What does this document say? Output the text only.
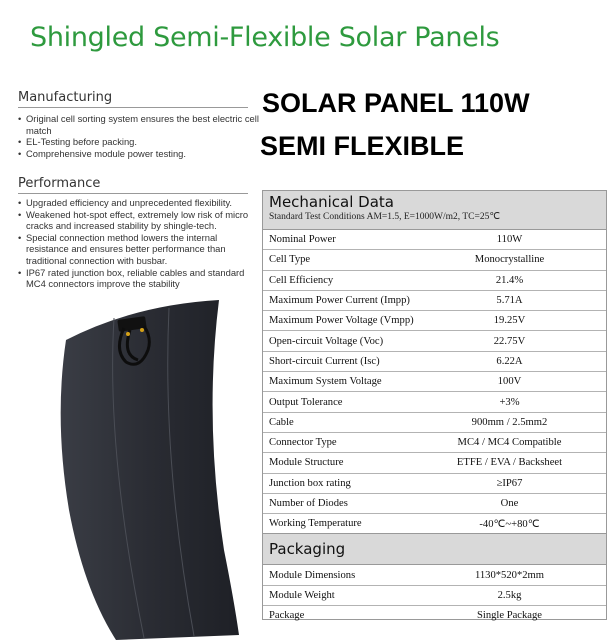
Shingled Semi-Flexible Solar Panels
SOLAR PANEL 110W
SEMI FLEXIBLE
Manufacturing
• Original cell sorting system ensures the best electric cell match
• EL-Testing before packing.
• Comprehensive module power testing.
Performance
• Upgraded efficiency and unprecedented flexibility.
• Weakened hot-spot effect, extremely low risk of micro cracks and increased stability by shingle-tech.
• Special connection method lowers the internal resistance and ensures better performance than traditional connection with busbar.
• IP67 rated junction box, reliable cables and standard MC4 connectors improve the stability
Mechanical Data
Standard Test Conditions AM=1.5, E=1000W/m2, TC=25℃
Nominal Power	110W
Cell Type	Monocrystalline
Cell Efficiency	21.4%
Maximum Power Current (Impp)	5.71A
Maximum Power Voltage (Vmpp)	19.25V
Open-circuit Voltage (Voc)	22.75V
Short-circuit Current (Isc)	6.22A
Maximum System Voltage	100V
Output Tolerance	+3%
Cable	900mm / 2.5mm2
Connector Type	MC4 / MC4 Compatible
Module Structure	ETFE / EVA / Backsheet
Junction box rating	≥IP67
Number of Diodes	One
Working Temperature	-40℃~+80℃
Packaging
Module Dimensions	1130*520*2mm
Module Weight	2.5kg
Package	Single Package
